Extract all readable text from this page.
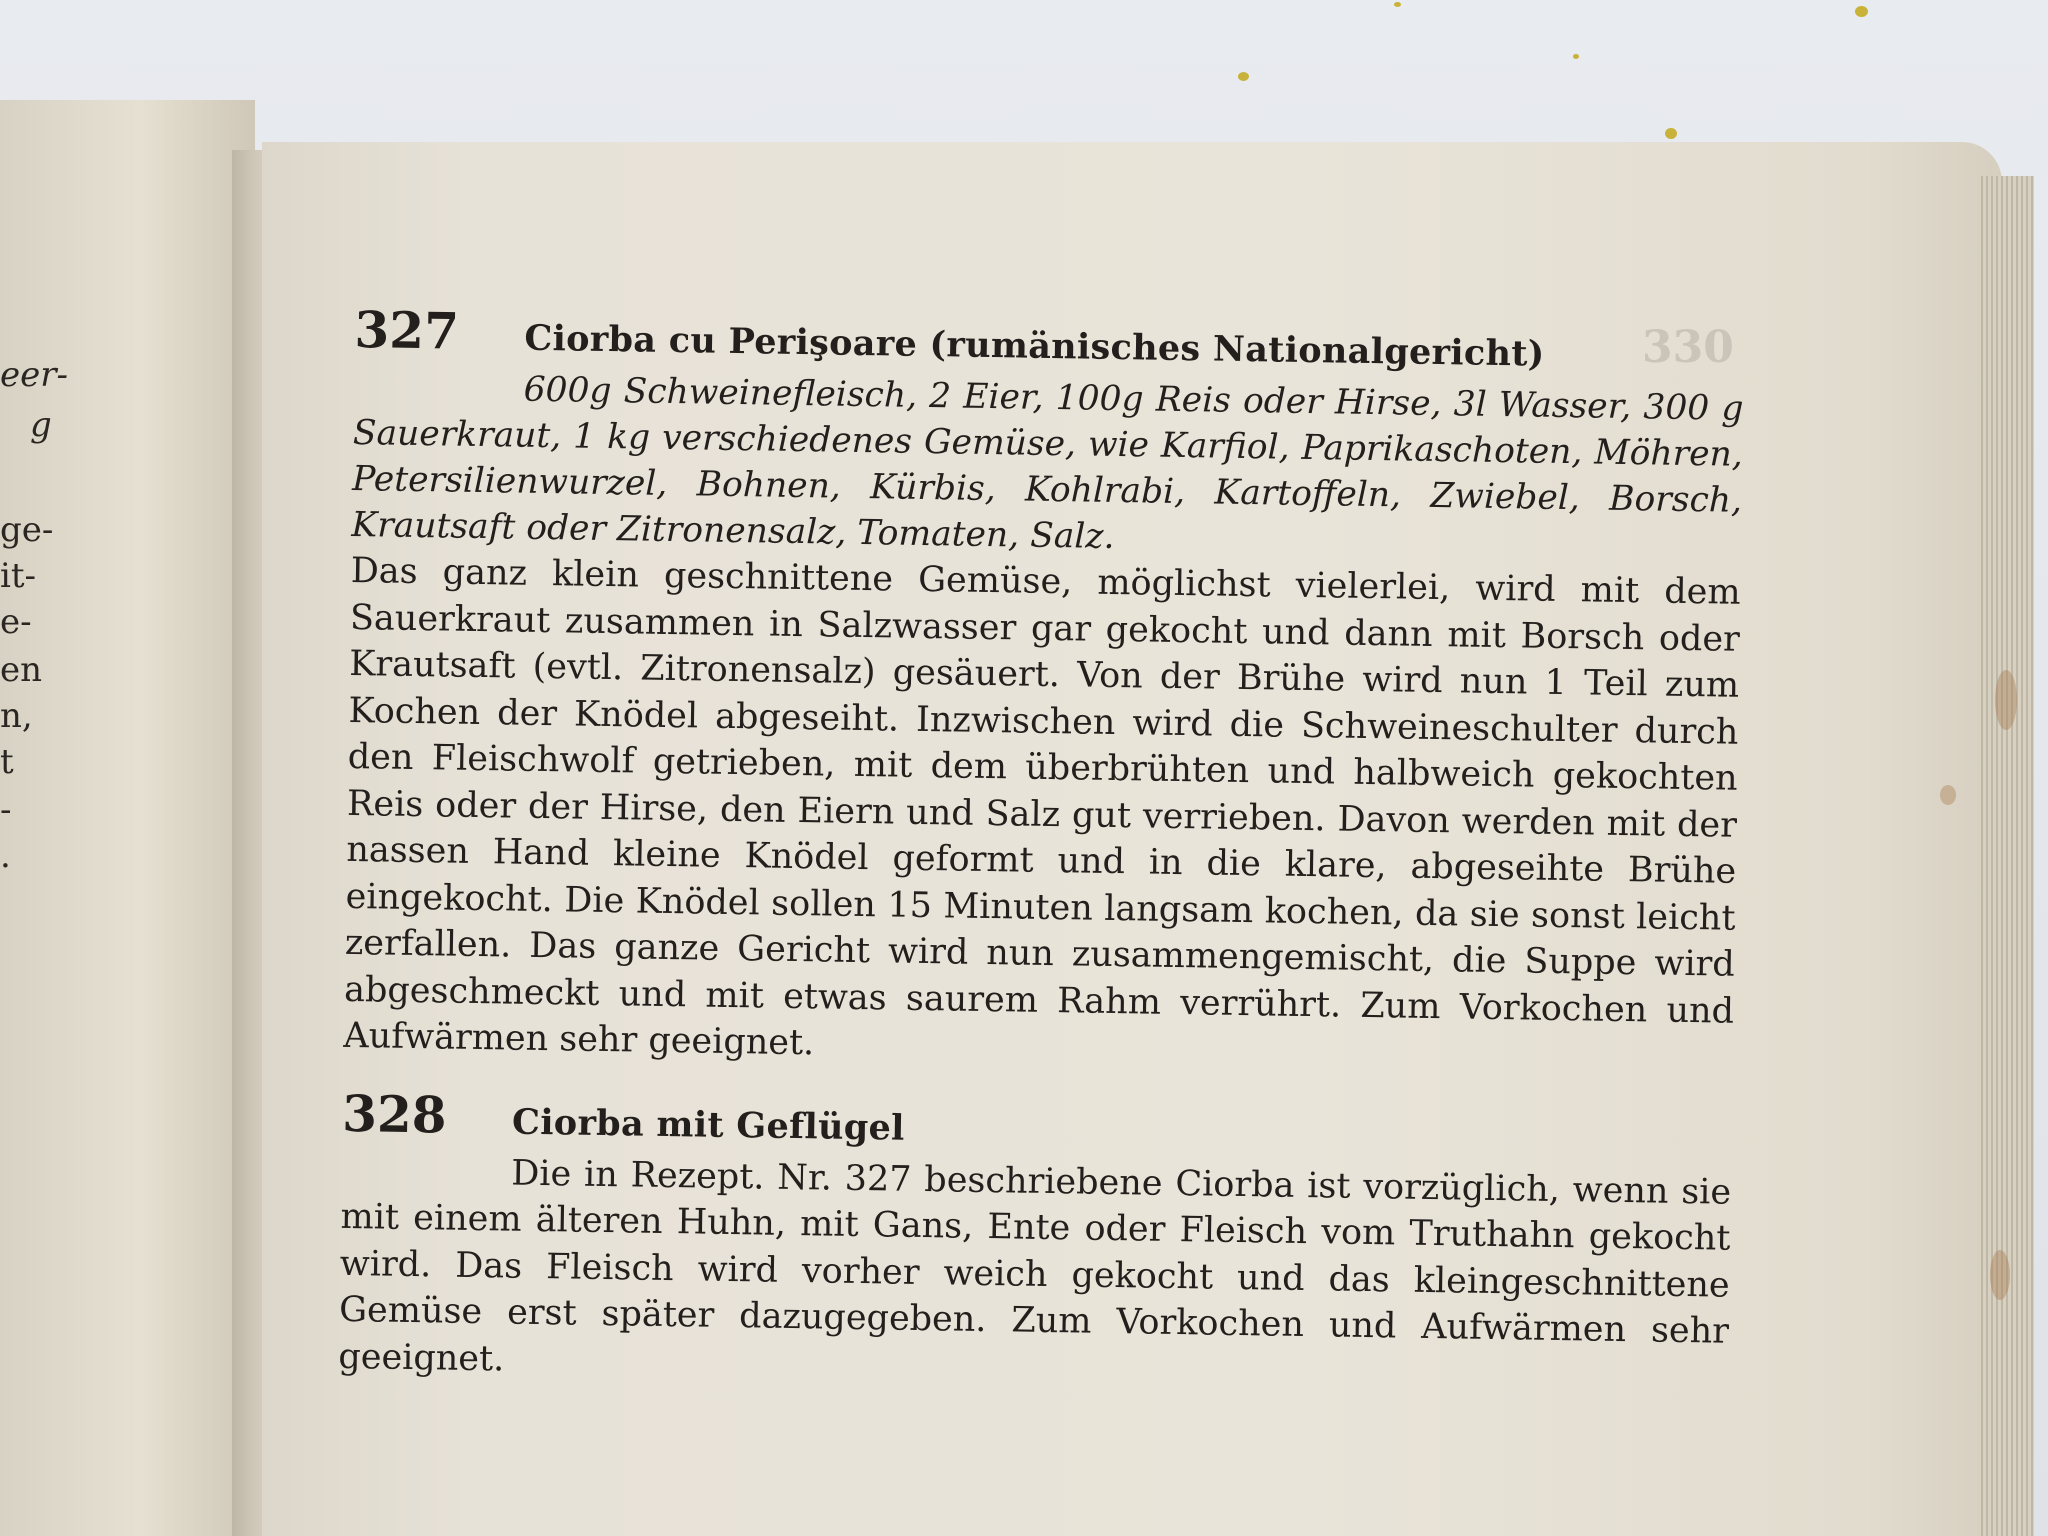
eer-
g
ge-
it-
e-
en
n,
t
-
.
330
327	Ciorba cu Perişoare (rumänisches Nationalgericht)

600g Schweinefleisch, 2 Eier, 100g Reis oder Hirse, 3l Wasser, 300 g Sauerkraut, 1 kg verschiedenes Gemüse, wie Karfiol, Paprikaschoten, Möhren, Petersilienwurzel, Bohnen, Kürbis, Kohlrabi, Kartoffeln, Zwiebel, Borsch, Krautsaft oder Zitronensalz, Tomaten, Salz.

Das ganz klein geschnittene Gemüse, möglichst vielerlei, wird mit dem Sauerkraut zusammen in Salzwasser gar gekocht und dann mit Borsch oder Krautsaft (evtl. Zitronensalz) gesäuert. Von der Brühe wird nun 1 Teil zum Kochen der Knödel abgeseiht. Inzwischen wird die Schweineschulter durch den Fleischwolf getrieben, mit dem überbrühten und halbweich gekochten Reis oder der Hirse, den Eiern und Salz gut verrieben. Davon werden mit der nassen Hand kleine Knödel geformt und in die klare, abgeseihte Brühe eingekocht. Die Knödel sollen 15 Minuten langsam kochen, da sie sonst leicht zerfallen. Das ganze Gericht wird nun zusammengemischt, die Suppe wird abgeschmeckt und mit etwas saurem Rahm verrührt. Zum Vorkochen und Aufwärmen sehr geeignet.

328	Ciorba mit Geflügel

Die in Rezept. Nr. 327 beschriebene Ciorba ist vorzüglich, wenn sie mit einem älteren Huhn, mit Gans, Ente oder Fleisch vom Truthahn gekocht wird. Das Fleisch wird vorher weich gekocht und das kleingeschnittene Gemüse erst später dazugegeben. Zum Vorkochen und Aufwärmen sehr geeignet.
